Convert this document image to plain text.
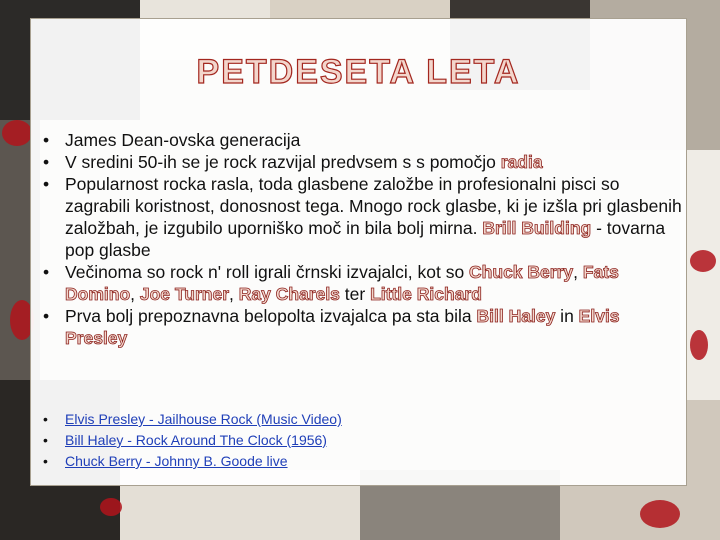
PETDESETA LETA
• James Dean-ovska generacija
• V sredini 50-ih se je rock razvijal predvsem s s pomočjo radia
• Popularnost rocka rasla, toda glasbene založbe in profesionalni pisci so zagrabili koristnost, donosnost tega. Mnogo rock glasbe, ki je izšla pri glasbenih založbah, je izgubilo uporniško moč in bila bolj mirna. Brill Building - tovarna pop glasbe
• Večinoma so rock n' roll igrali črnski izvajalci, kot so Chuck Berry, Fats Domino, Joe Turner, Ray Charels ter Little Richard
• Prva bolj prepoznavna belopolta izvajalca pa sta bila Bill Haley in Elvis Presley
• Elvis Presley - Jailhouse Rock (Music Video)
• Bill Haley - Rock Around The Clock (1956)
• Chuck Berry - Johnny B. Goode live
